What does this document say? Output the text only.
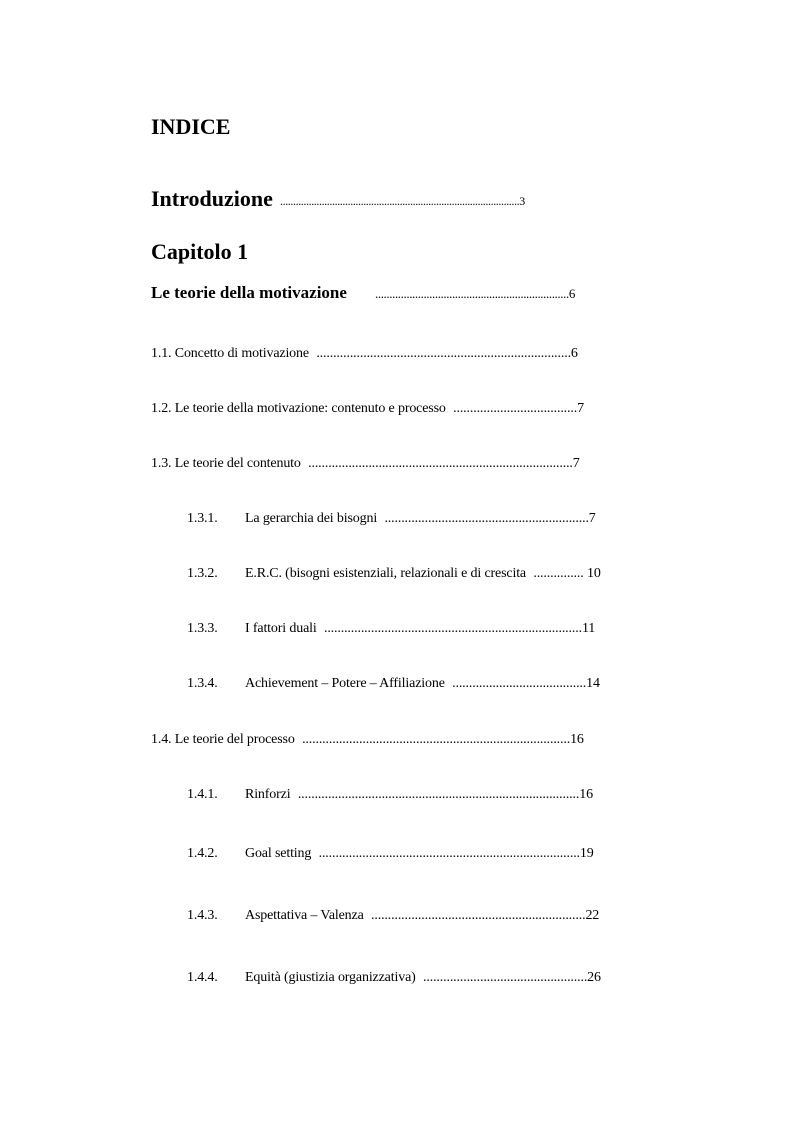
INDICE
Introduzione ............................................................................................3
Capitolo 1
Le teorie della motivazione ....................................................................6
1.1. Concetto di motivazione ............................................................................6
1.2. Le teorie della motivazione: contenuto e processo .....................................7
1.3. Le teorie del contenuto ...............................................................................7
1.3.1. La gerarchia dei bisogni .............................................................7
1.3.2. E.R.C. (bisogni esistenziali, relazionali e di crescita ............... 10
1.3.3. I fattori duali .............................................................................11
1.3.4. Achievement – Potere – Affiliazione ........................................14
1.4. Le teorie del processo ................................................................................16
1.4.1. Rinforzi ....................................................................................16
1.4.2. Goal setting ..............................................................................19
1.4.3. Aspettativa – Valenza ................................................................22
1.4.4. Equità (giustizia organizzativa) .................................................26
